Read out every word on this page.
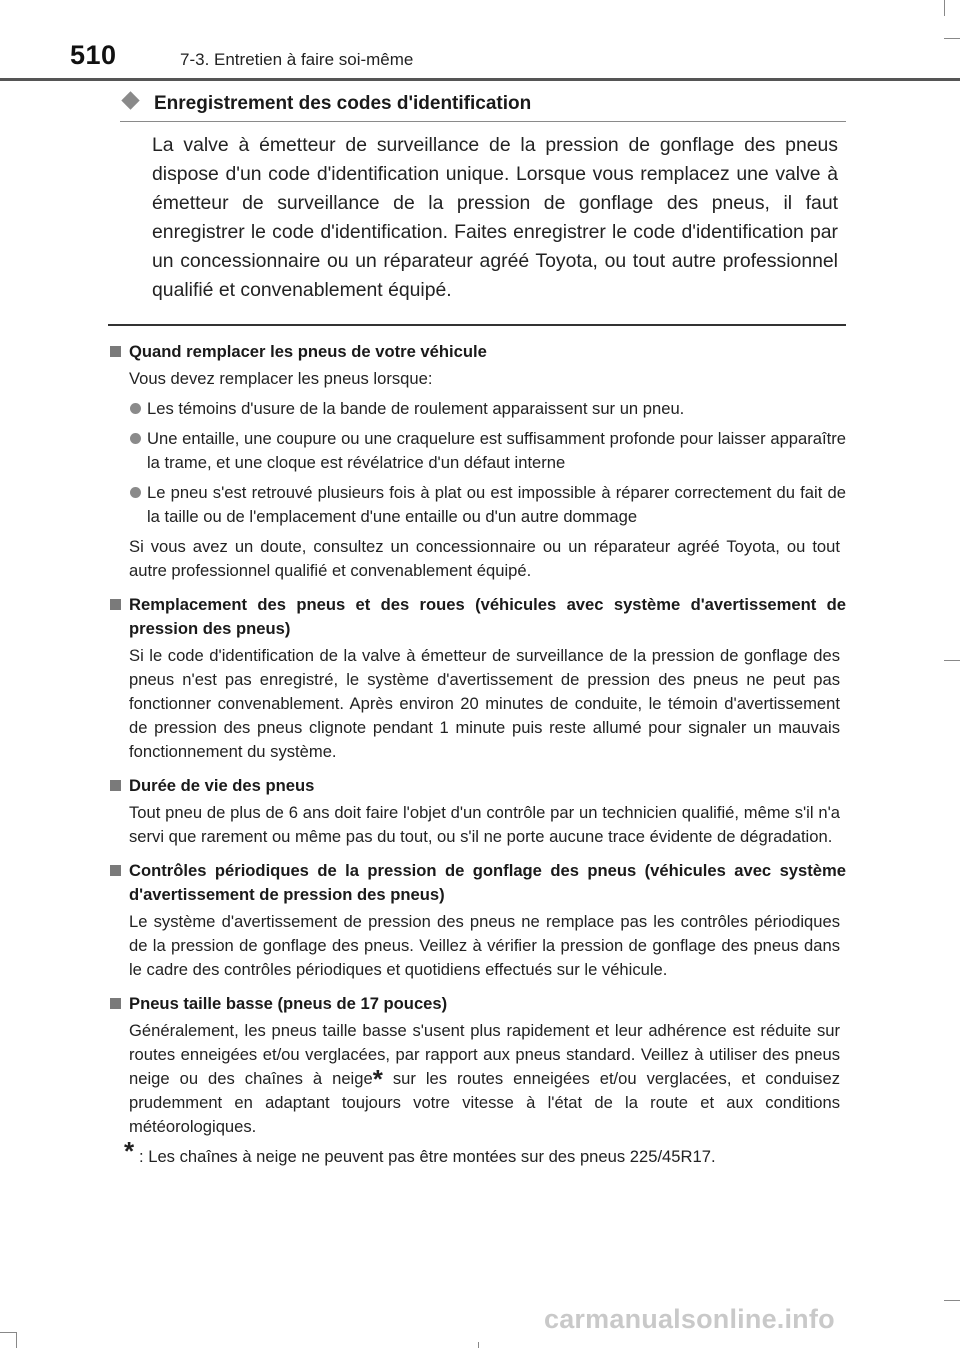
510	7-3. Entretien à faire soi-même
Enregistrement des codes d'identification

La valve à émetteur de surveillance de la pression de gonflage des pneus dispose d'un code d'identification unique. Lorsque vous remplacez une valve à émetteur de surveillance de la pression de gonflage des pneus, il faut enregistrer le code d'identification. Faites enregistrer le code d'identification par un concessionnaire ou un réparateur agréé Toyota, ou tout autre professionnel qualifié et convenablement équipé.

Quand remplacer les pneus de votre véhicule
Vous devez remplacer les pneus lorsque:
Les témoins d'usure de la bande de roulement apparaissent sur un pneu.
Une entaille, une coupure ou une craquelure est suffisamment profonde pour laisser apparaître la trame, et une cloque est révélatrice d'un défaut interne
Le pneu s'est retrouvé plusieurs fois à plat ou est impossible à réparer correctement du fait de la taille ou de l'emplacement d'une entaille ou d'un autre dommage
Si vous avez un doute, consultez un concessionnaire ou un réparateur agréé Toyota, ou tout autre professionnel qualifié et convenablement équipé.
Remplacement des pneus et des roues (véhicules avec système d'avertissement de pression des pneus)
Si le code d'identification de la valve à émetteur de surveillance de la pression de gonflage des pneus n'est pas enregistré, le système d'avertissement de pression des pneus ne peut pas fonctionner convenablement. Après environ 20 minutes de conduite, le témoin d'avertissement de pression des pneus clignote pendant 1 minute puis reste allumé pour signaler un mauvais fonctionnement du système.
Durée de vie des pneus
Tout pneu de plus de 6 ans doit faire l'objet d'un contrôle par un technicien qualifié, même s'il n'a servi que rarement ou même pas du tout, ou s'il ne porte aucune trace évidente de dégradation.
Contrôles périodiques de la pression de gonflage des pneus (véhicules avec système d'avertissement de pression des pneus)
Le système d'avertissement de pression des pneus ne remplace pas les contrôles périodiques de la pression de gonflage des pneus. Veillez à vérifier la pression de gonflage des pneus dans le cadre des contrôles périodiques et quotidiens effectués sur le véhicule.
Pneus taille basse (pneus de 17 pouces)
Généralement, les pneus taille basse s'usent plus rapidement et leur adhérence est réduite sur routes enneigées et/ou verglacées, par rapport aux pneus standard. Veillez à utiliser des pneus neige ou des chaînes à neige* sur les routes enneigées et/ou verglacées, et conduisez prudemment en adaptant toujours votre vitesse à l'état de la route et aux conditions météorologiques.
* : Les chaînes à neige ne peuvent pas être montées sur des pneus 225/45R17.
carmanualsonline.info
